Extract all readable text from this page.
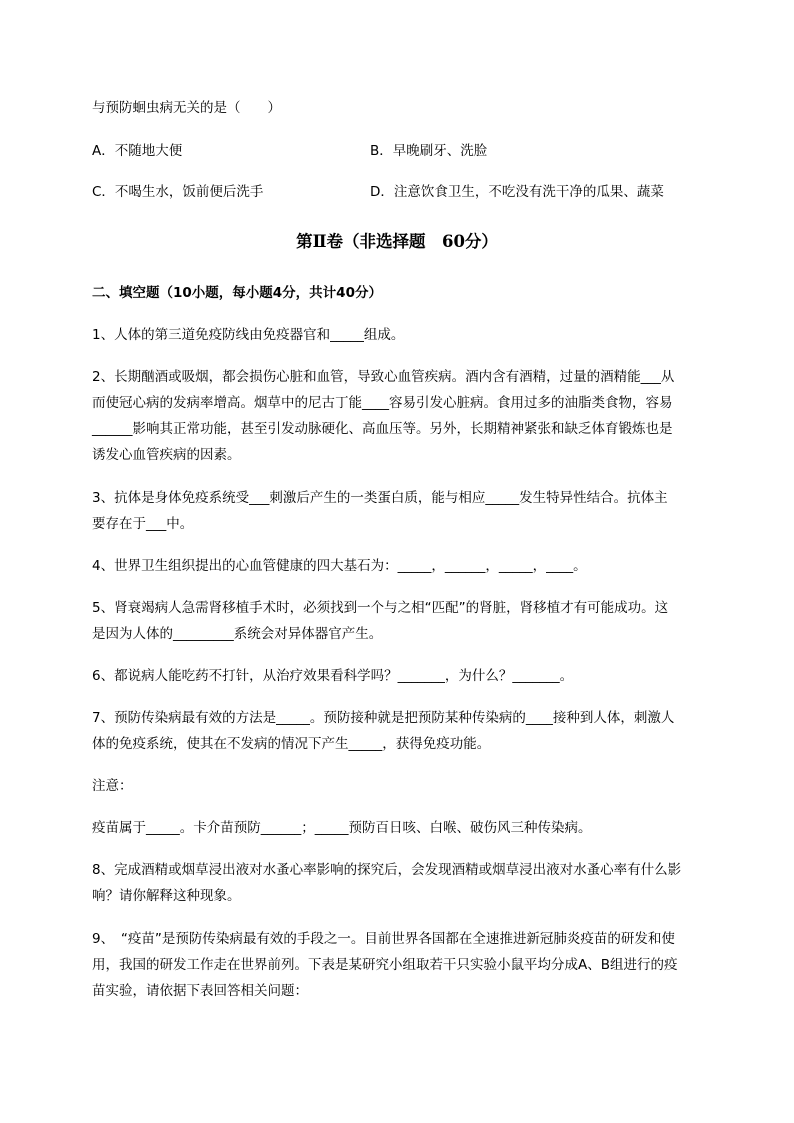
与预防蛔虫病无关的是（　　）
A．不随地大便	B．早晚刷牙、洗脸
C．不喝生水，饭前便后洗手	D．注意饮食卫生，不吃没有洗干净的瓜果、蔬菜
第Ⅱ卷（非选择题　60分）
二、填空题（10小题，每小题4分，共计40分）
1、人体的第三道免疫防线由免疫器官和_____组成。
2、长期酗酒或吸烟，都会损伤心脏和血管，导致心血管疾病。酒内含有酒精，过量的酒精能___从
而使冠心病的发病率增高。烟草中的尼古丁能____容易引发心脏病。食用过多的油脂类食物，容易
______影响其正常功能，甚至引发动脉硬化、高血压等。另外，长期精神紧张和缺乏体育锻炼也是
诱发心血管疾病的因素。
3、抗体是身体免疫系统受___刺激后产生的一类蛋白质，能与相应_____发生特异性结合。抗体主
要存在于___中。
4、世界卫生组织提出的心血管健康的四大基石为：_____，______，_____，____。
5、肾衰竭病人急需肾移植手术时，必须找到一个与之相“匹配”的肾脏，肾移植才有可能成功。这
是因为人体的_________系统会对异体器官产生。
6、都说病人能吃药不打针，从治疗效果看科学吗？_______，为什么？_______。
7、预防传染病最有效的方法是_____。预防接种就是把预防某种传染病的____接种到人体，刺激人
体的免疫系统，使其在不发病的情况下产生_____，获得免疫功能。
注意：
疫苗属于_____。卡介苗预防______；_____预防百日咳、白喉、破伤风三种传染病。
8、完成酒精或烟草浸出液对水蚤心率影响的探究后，会发现酒精或烟草浸出液对水蚤心率有什么影
响？请你解释这种现象。
9、　“疫苗”是预防传染病最有效的手段之一。目前世界各国都在全速推进新冠肺炎疫苗的研发和使
用，我国的研发工作走在世界前列。下表是某研究小组取若干只实验小鼠平均分成A、B组进行的疫
苗实验，请依据下表回答相关问题：
